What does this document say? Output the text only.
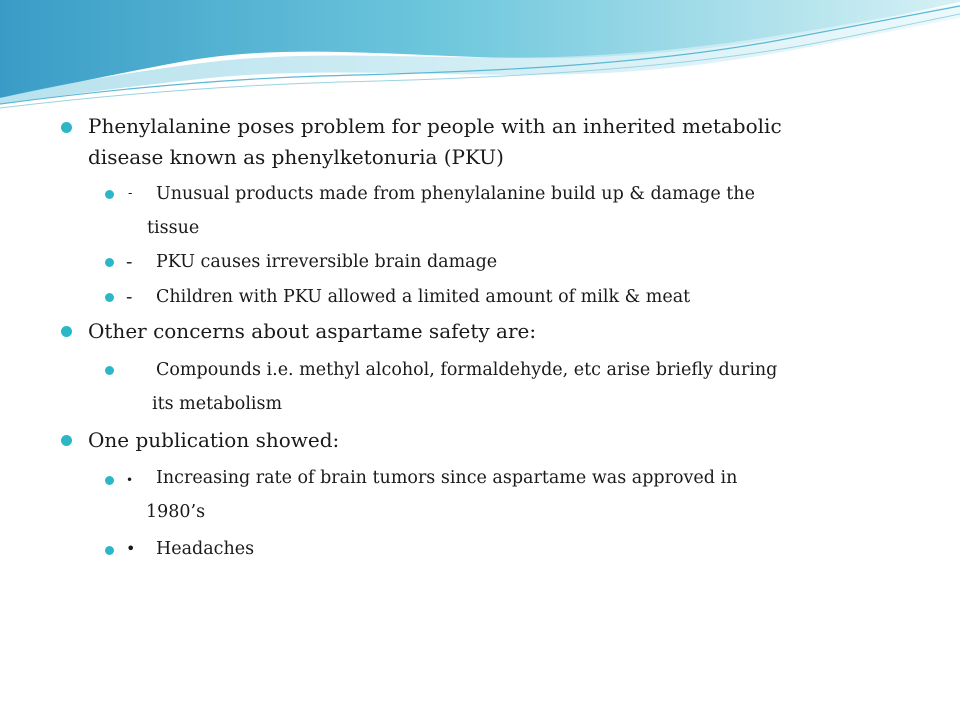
Phenylalanine poses problem for people with an inherited metabolic
disease known as phenylketonuria (PKU)
- Unusual products made from phenylalanine build up & damage the
tissue
- PKU causes irreversible brain damage
- Children with PKU allowed a limited amount of milk & meat
Other concerns about aspartame safety are:
Compounds i.e. methyl alcohol, formaldehyde, etc arise briefly during
its metabolism
One publication showed:
• Increasing rate of brain tumors since aspartame was approved in
1980’s
• Headaches
